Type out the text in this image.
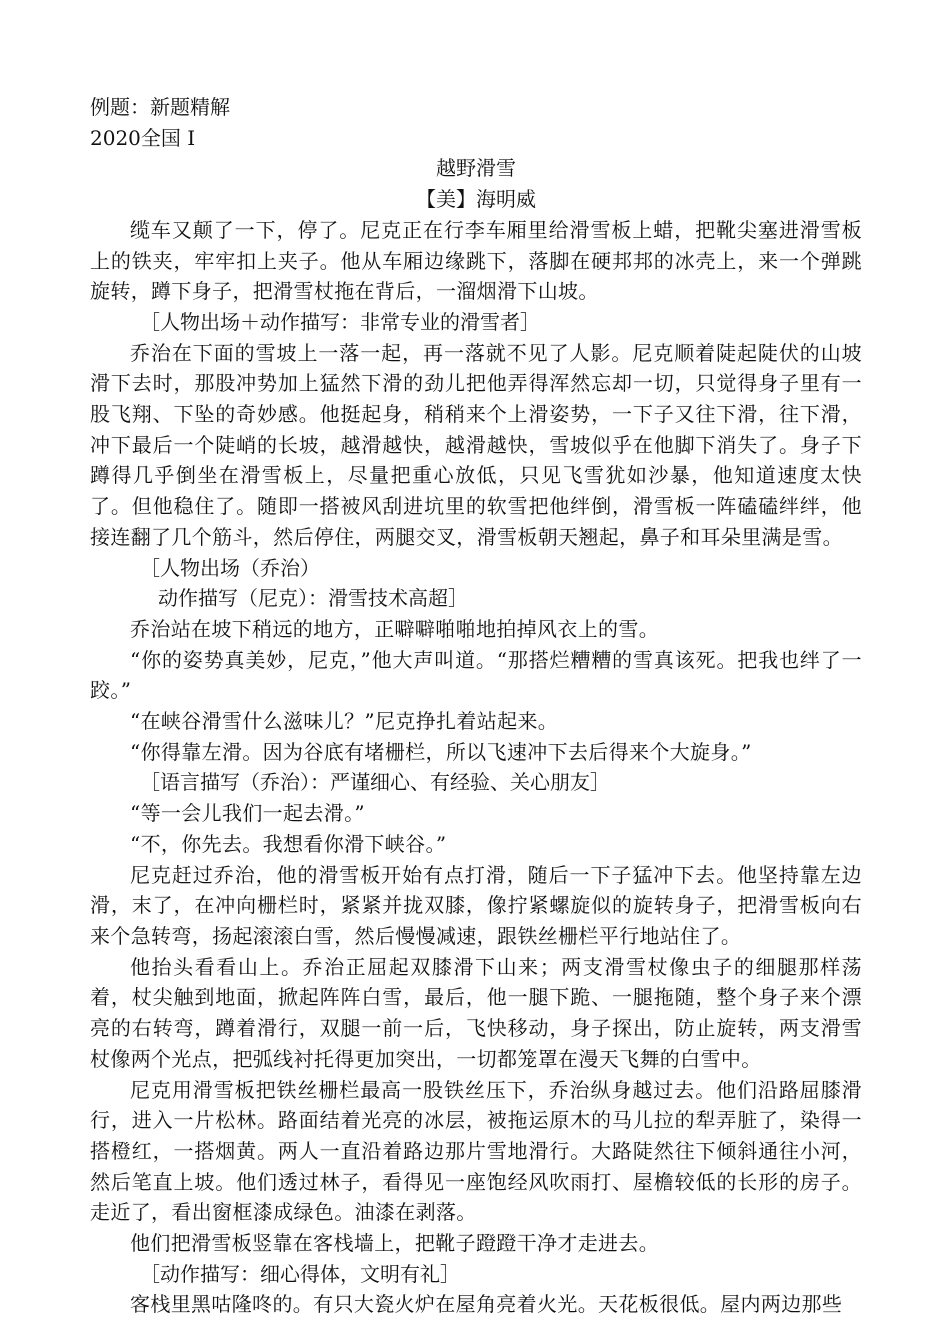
例题：新题精解
2020全国 I
越野滑雪
【美】海明威

缆车又颠了一下，停了。尼克正在行李车厢里给滑雪板上蜡，把靴尖塞进滑雪板上的铁夹，牢牢扣上夹子。他从车厢边缘跳下，落脚在硬邦邦的冰壳上，来一个弹跳旋转，蹲下身子，把滑雪杖拖在背后，一溜烟滑下山坡。

［人物出场＋动作描写：非常专业的滑雪者］

乔治在下面的雪坡上一落一起，再一落就不见了人影。尼克顺着陡起陡伏的山坡滑下去时，那股冲势加上猛然下滑的劲儿把他弄得浑然忘却一切，只觉得身子里有一股飞翔、下坠的奇妙感。他挺起身，稍稍来个上滑姿势，一下子又往下滑，往下滑，冲下最后一个陡峭的长坡，越滑越快，越滑越快，雪坡似乎在他脚下消失了。身子下蹲得几乎倒坐在滑雪板上，尽量把重心放低，只见飞雪犹如沙暴，他知道速度太快了。但他稳住了。随即一搭被风刮进坑里的软雪把他绊倒，滑雪板一阵磕磕绊绊，他接连翻了几个筋斗，然后停住，两腿交叉，滑雪板朝天翘起，鼻子和耳朵里满是雪。

［人物出场（乔治）
动作描写（尼克）：滑雪技术高超］

乔治站在坡下稍远的地方，正噼噼啪啪地拍掉风衣上的雪。

“你的姿势真美妙，尼克，”他大声叫道。“那搭烂糟糟的雪真该死。把我也绊了一跤。”

“在峡谷滑雪什么滋味儿？”尼克挣扎着站起来。

“你得靠左滑。因为谷底有堵栅栏，所以飞速冲下去后得来个大旋身。”

［语言描写（乔治）：严谨细心、有经验、关心朋友］

“等一会儿我们一起去滑。”

“不，你先去。我想看你滑下峡谷。”

尼克赶过乔治，他的滑雪板开始有点打滑，随后一下子猛冲下去。他坚持靠左边滑，末了，在冲向栅栏时，紧紧并拢双膝，像拧紧螺旋似的旋转身子，把滑雪板向右来个急转弯，扬起滚滚白雪，然后慢慢减速，跟铁丝栅栏平行地站住了。

他抬头看看山上。乔治正屈起双膝滑下山来；两支滑雪杖像虫子的细腿那样荡着，杖尖触到地面，掀起阵阵白雪，最后，他一腿下跪、一腿拖随，整个身子来个漂亮的右转弯，蹲着滑行，双腿一前一后，飞快移动，身子探出，防止旋转，两支滑雪杖像两个光点，把弧线衬托得更加突出，一切都笼罩在漫天飞舞的白雪中。

尼克用滑雪板把铁丝栅栏最高一股铁丝压下，乔治纵身越过去。他们沿路屈膝滑行，进入一片松林。路面结着光亮的冰层，被拖运原木的马儿拉的犁弄脏了，染得一搭橙红，一搭烟黄。两人一直沿着路边那片雪地滑行。大路陡然往下倾斜通往小河，然后笔直上坡。他们透过林子，看得见一座饱经风吹雨打、屋檐较低的长形的房子。走近了，看出窗框漆成绿色。油漆在剥落。

他们把滑雪板竖靠在客栈墙上，把靴子蹬蹬干净才走进去。

［动作描写：细心得体，文明有礼］

客栈里黑咕隆咚的。有只大瓷火炉在屋角亮着火光。天花板很低。屋内两边那些
